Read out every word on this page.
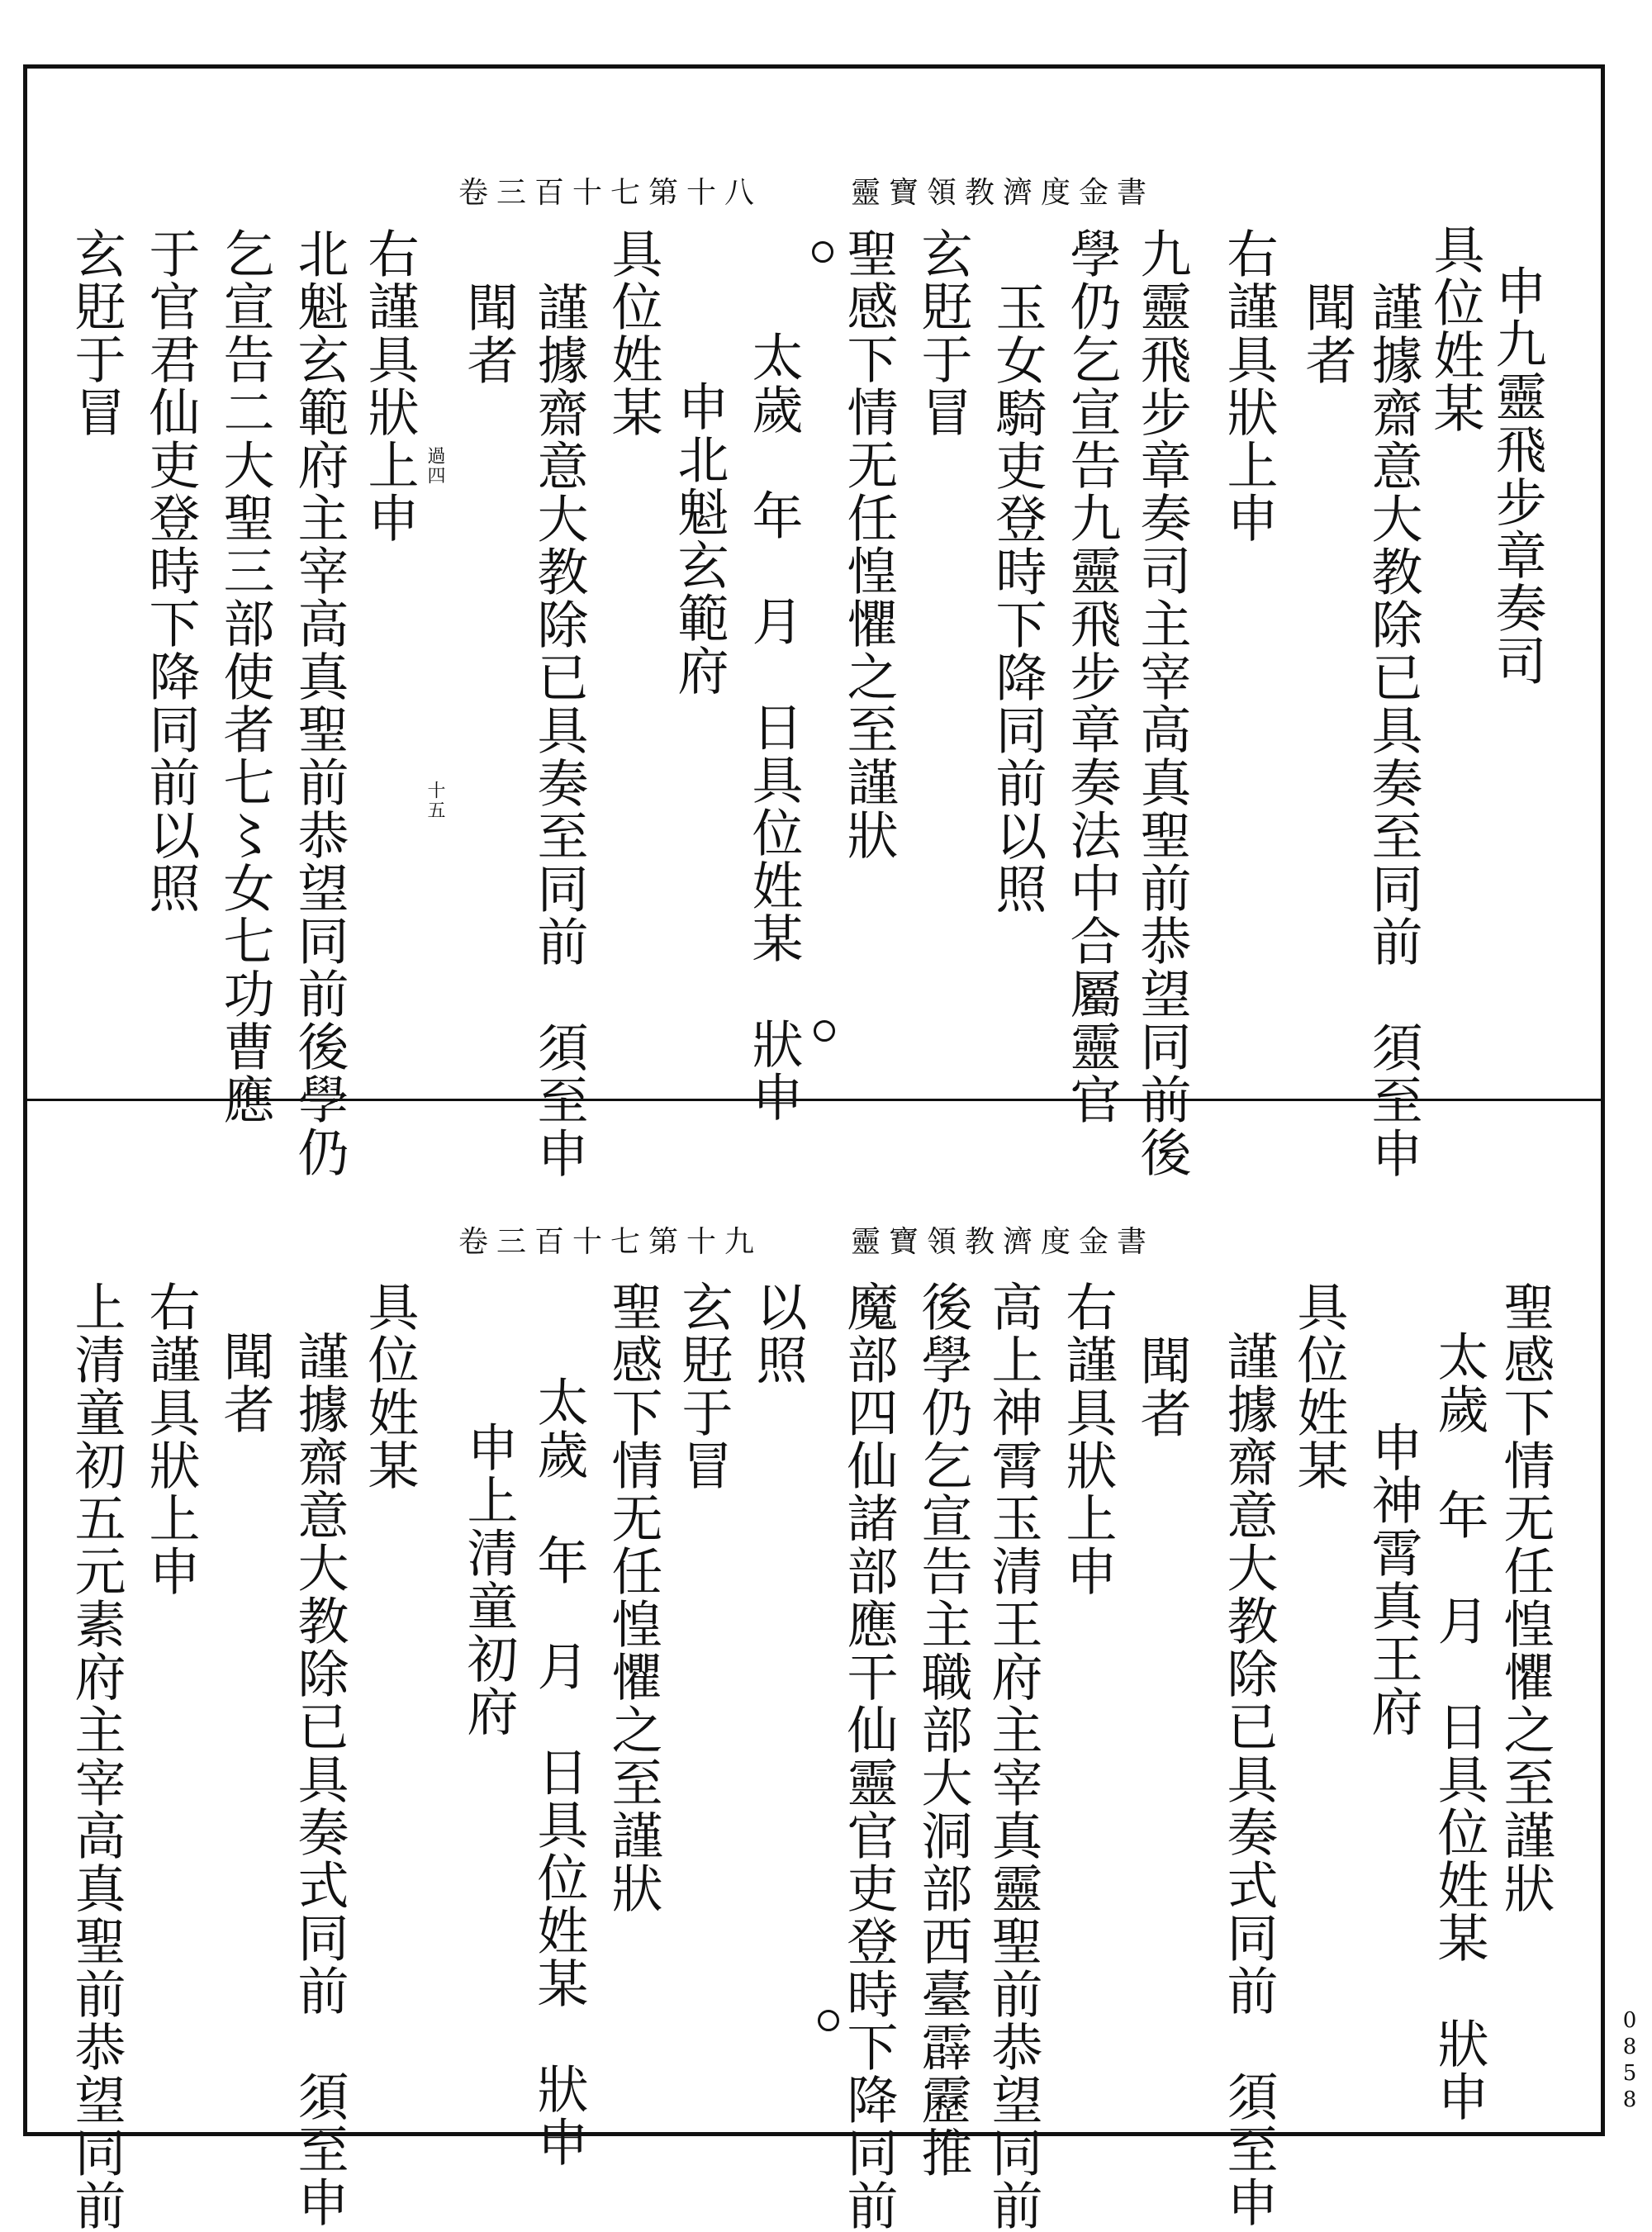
0
8
5
8
靈寶領教濟度金書
卷三百十七第十八
申九靈飛步章奏司
具位姓某
謹據齋意大教除已具奏至同前　須至申
聞者
右謹具狀上申
九靈飛步章奏司主宰高真聖前恭望同前後
學仍乞宣告九靈飛步章奏法中合屬靈官
玉女騎吏登時下降同前以照
玄覎于冒
聖感下情无任惶懼之至謹狀
太歲　年　月　日具位姓某　狀申
申北魁玄範府
具位姓某
謹據齋意大教除已具奏至同前　須至申
聞者
右謹具狀上申
北魁玄範府主宰高真聖前恭望同前後學仍
乞宣告二大聖三部使者七〻女七功曹應
于官君仙吏登時下降同前以照
玄覎于冒
過四
十五
靈寶領教濟度金書
卷三百十七第十九
聖感下情无任惶懼之至謹狀
太歲　年　月　日具位姓某　狀申
申神霄真王府
具位姓某
謹據齋意大教除已具奏式同前　須至申
聞者
右謹具狀上申
高上神霄玉清王府主宰真靈聖前恭望同前
後學仍乞宣告主職部大洞部西臺霹靂推
魔部四仙諸部應干仙靈官吏登時下降同前
以照
玄覎于冒
聖感下情无任惶懼之至謹狀
太歲　年　月　日具位姓某　狀申
申上清童初府
具位姓某
謹據齋意大教除已具奏式同前　須至申
聞者
右謹具狀上申
上清童初五元素府主宰高真聖前恭望同前
